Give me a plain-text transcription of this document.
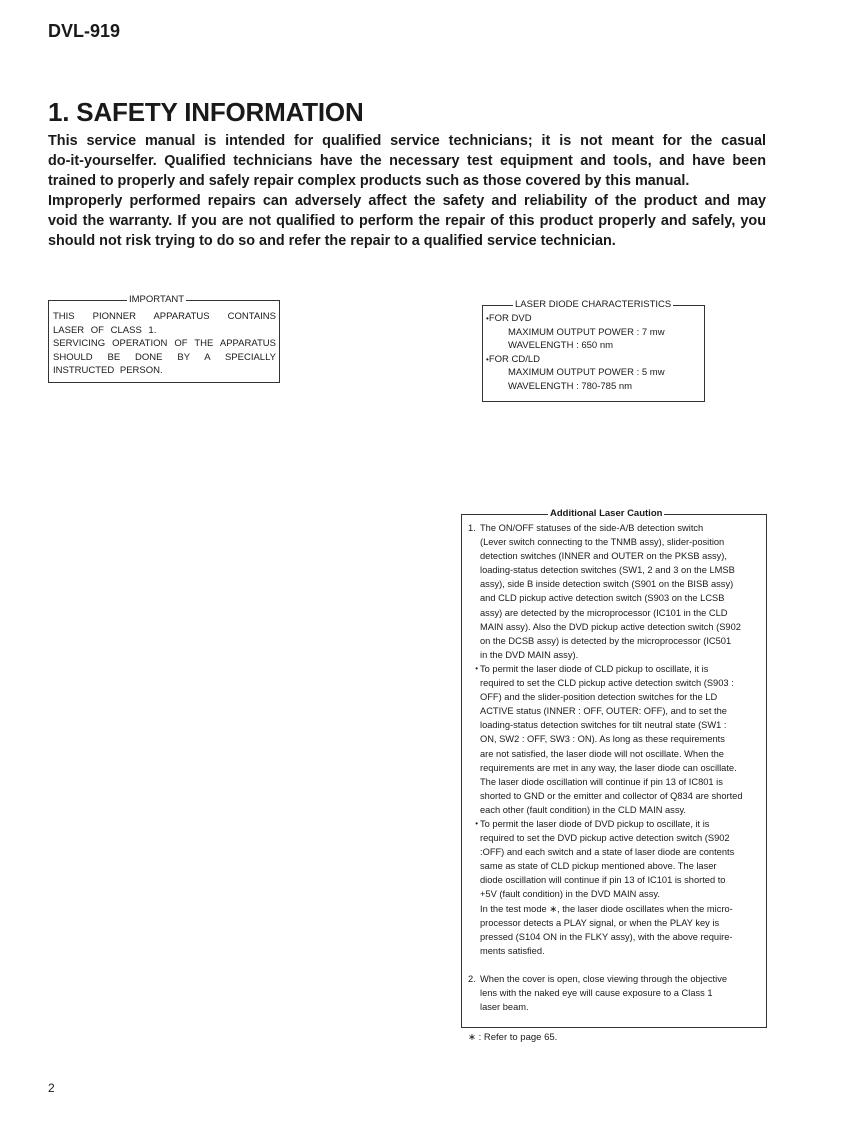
DVL-919
1. SAFETY INFORMATION

This service manual is intended for qualified service technicians; it is not meant for the casual

do-it-yourselfer. Qualified technicians have the necessary test equipment and tools, and have been

trained to properly and safely repair complex products such as those covered by this manual.

Improperly performed repairs can adversely affect the safety and reliability of the product and may

void the warranty. If you are not qualified to perform the repair of this product properly and safely, you

should not risk trying to do so and refer the repair to a qualified service technician.

IMPORTANT
THIS PIONNER APPARATUS CONTAINS
LASER OF CLASS 1.
SERVICING OPERATION OF THE APPARATUS
SHOULD BE DONE BY A SPECIALLY
INSTRUCTED PERSON.
LASER DIODE CHARACTERISTICS
•FOR DVD
MAXIMUM OUTPUT POWER : 7 mw
WAVELENGTH : 650 nm
•FOR CD/LD
MAXIMUM OUTPUT POWER : 5 mw
WAVELENGTH : 780-785 nm
Additional Laser Caution
1. The ON/OFF statuses of the side-A/B detection switch
(Lever switch connecting to the TNMB assy), slider-position
detection switches (INNER and OUTER on the PKSB assy),
loading-status detection switches (SW1, 2 and 3 on the LMSB
assy), side B inside detection switch (S901 on the BISB assy)
and CLD pickup active detection switch (S903 on the LCSB
assy) are detected by the microprocessor (IC101 in the CLD
MAIN assy). Also the DVD pickup active detection switch (S902
on the DCSB assy) is detected by the microprocessor (IC501
in the DVD MAIN assy).
• To permit the laser diode of CLD pickup to oscillate, it is
required to set the CLD pickup active detection switch (S903 :
OFF) and the slider-position detection switches for the LD
ACTIVE status (INNER : OFF, OUTER: OFF), and to set the
loading-status detection switches for tilt neutral state (SW1 :
ON, SW2 : OFF, SW3 : ON). As long as these requirements
are not satisfied, the laser diode will not oscillate. When the
requirements are met in any way, the laser diode can oscillate.
The laser diode oscillation will continue if pin 13 of IC801 is
shorted to GND or the emitter and collector of Q834 are shorted
each other (fault condition) in the CLD MAIN assy.
• To permit the laser diode of DVD pickup to oscillate, it is
required to set the DVD pickup active detection switch (S902
:OFF) and each switch and a state of laser diode are contents
same as state of CLD pickup mentioned above. The laser
diode oscillation will continue if pin 13 of IC101 is shorted to
+5V (fault condition) in the DVD MAIN assy.
In the test mode ∗, the laser diode oscillates when the micro-
processor detects a PLAY signal, or when the PLAY key is
pressed (S104 ON in the FLKY assy), with the above require-
ments satisfied.
2. When the cover is open, close viewing through the objective
lens with the naked eye will cause exposure to a Class 1
laser beam.
∗ : Refer to page 65.
2
